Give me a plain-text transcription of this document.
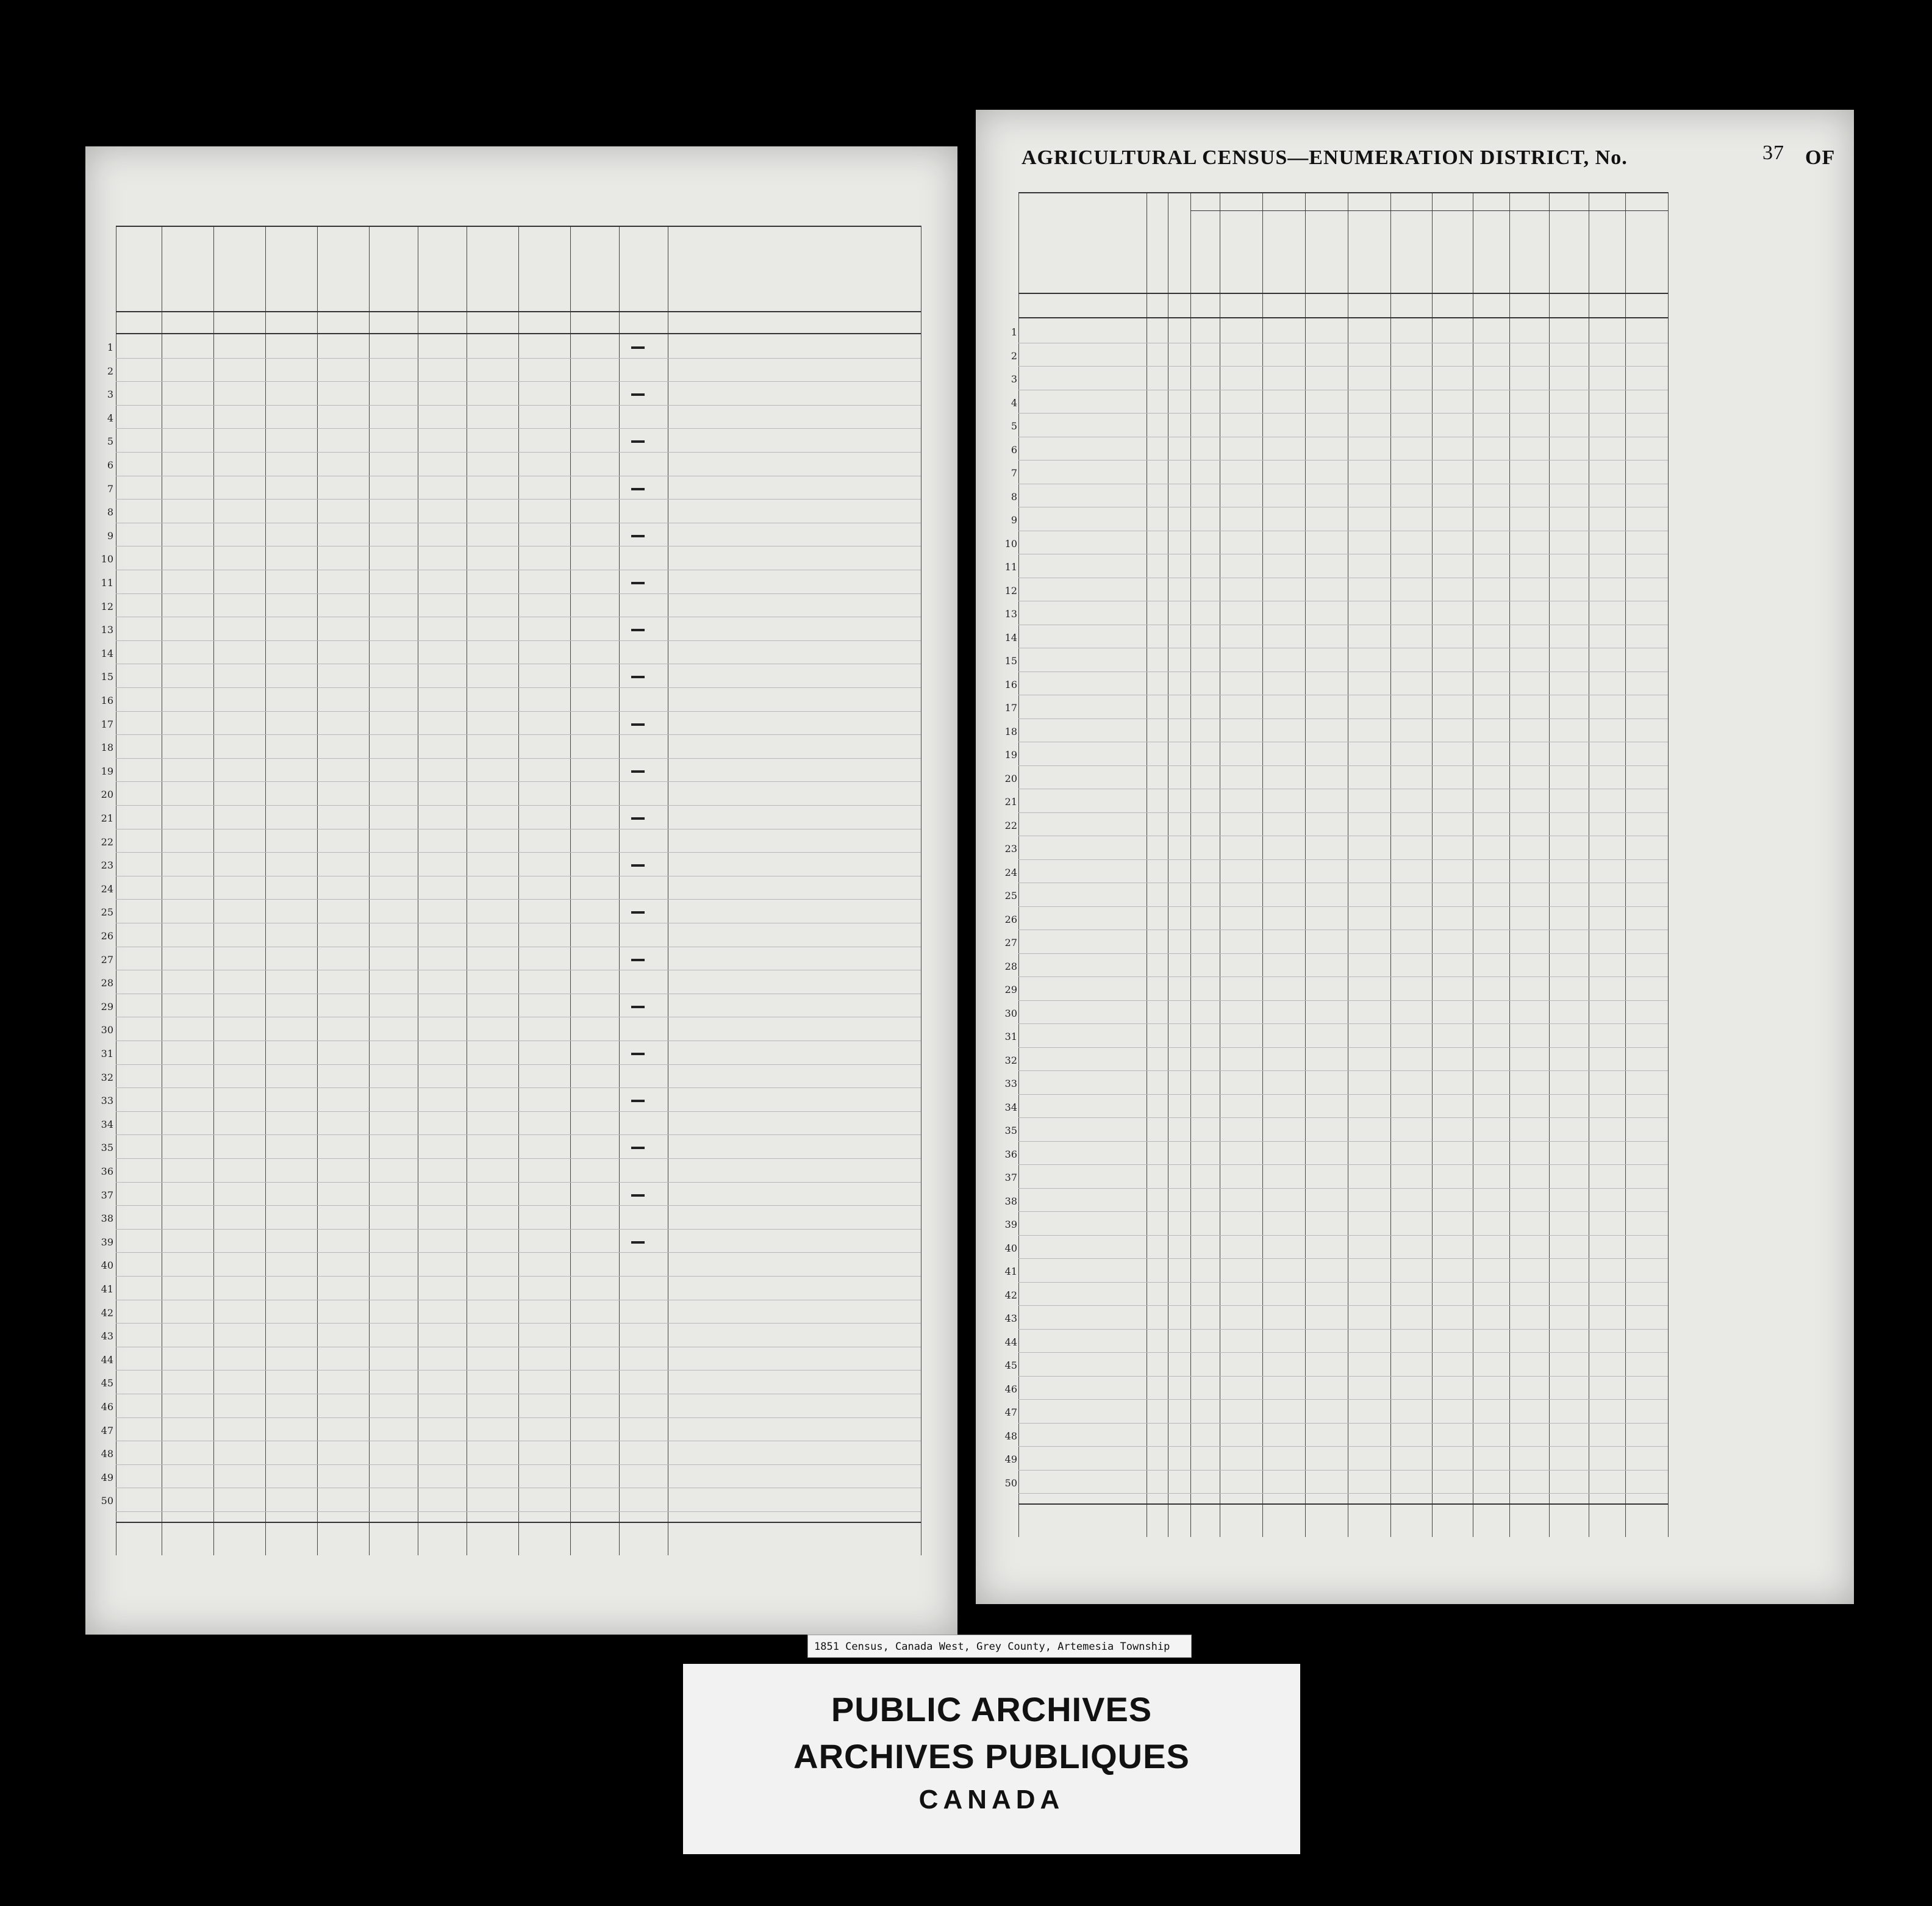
1
2
3
4
5
6
7
8
9
10
11
12
13
14
15
16
17
18
19
20
21
22
23
24
25
26
27
28
29
30
31
32
33
34
35
36
37
38
39
40
41
42
43
44
45
46
47
48
49
50
AGRICULTURAL CENSUS—ENUMERATION DISTRICT, No.	37 OF
1
2
3
4
5
6
7
8
9
10
11
12
13
14
15
16
17
18
19
20
21
22
23
24
25
26
27
28
29
30
31
32
33
34
35
36
37
38
39
40
41
42
43
44
45
46
47
48
49
50
1851 Census, Canada West, Grey County, Artemesia Township
PUBLIC ARCHIVES
ARCHIVES PUBLIQUES
CANADA
